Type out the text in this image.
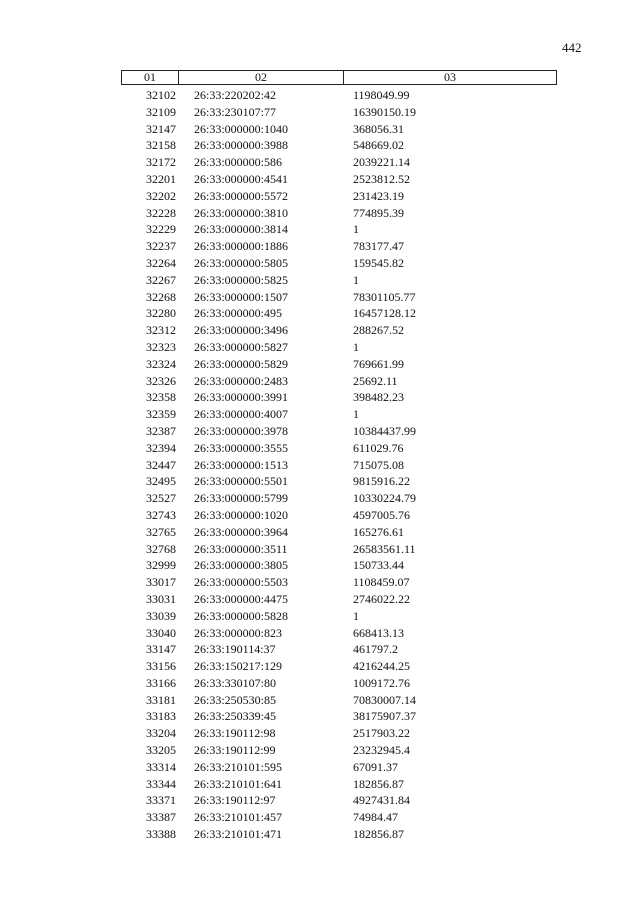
442
01	02	03
32102	26:33:220202:42	1198049.99
32109	26:33:230107:77	16390150.19
32147	26:33:000000:1040	368056.31
32158	26:33:000000:3988	548669.02
32172	26:33:000000:586	2039221.14
32201	26:33:000000:4541	2523812.52
32202	26:33:000000:5572	231423.19
32228	26:33:000000:3810	774895.39
32229	26:33:000000:3814	1
32237	26:33:000000:1886	783177.47
32264	26:33:000000:5805	159545.82
32267	26:33:000000:5825	1
32268	26:33:000000:1507	78301105.77
32280	26:33:000000:495	16457128.12
32312	26:33:000000:3496	288267.52
32323	26:33:000000:5827	1
32324	26:33:000000:5829	769661.99
32326	26:33:000000:2483	25692.11
32358	26:33:000000:3991	398482.23
32359	26:33:000000:4007	1
32387	26:33:000000:3978	10384437.99
32394	26:33:000000:3555	611029.76
32447	26:33:000000:1513	715075.08
32495	26:33:000000:5501	9815916.22
32527	26:33:000000:5799	10330224.79
32743	26:33:000000:1020	4597005.76
32765	26:33:000000:3964	165276.61
32768	26:33:000000:3511	26583561.11
32999	26:33:000000:3805	150733.44
33017	26:33:000000:5503	1108459.07
33031	26:33:000000:4475	2746022.22
33039	26:33:000000:5828	1
33040	26:33:000000:823	668413.13
33147	26:33:190114:37	461797.2
33156	26:33:150217:129	4216244.25
33166	26:33:330107:80	1009172.76
33181	26:33:250530:85	70830007.14
33183	26:33:250339:45	38175907.37
33204	26:33:190112:98	2517903.22
33205	26:33:190112:99	23232945.4
33314	26:33:210101:595	67091.37
33344	26:33:210101:641	182856.87
33371	26:33:190112:97	4927431.84
33387	26:33:210101:457	74984.47
33388	26:33:210101:471	182856.87
